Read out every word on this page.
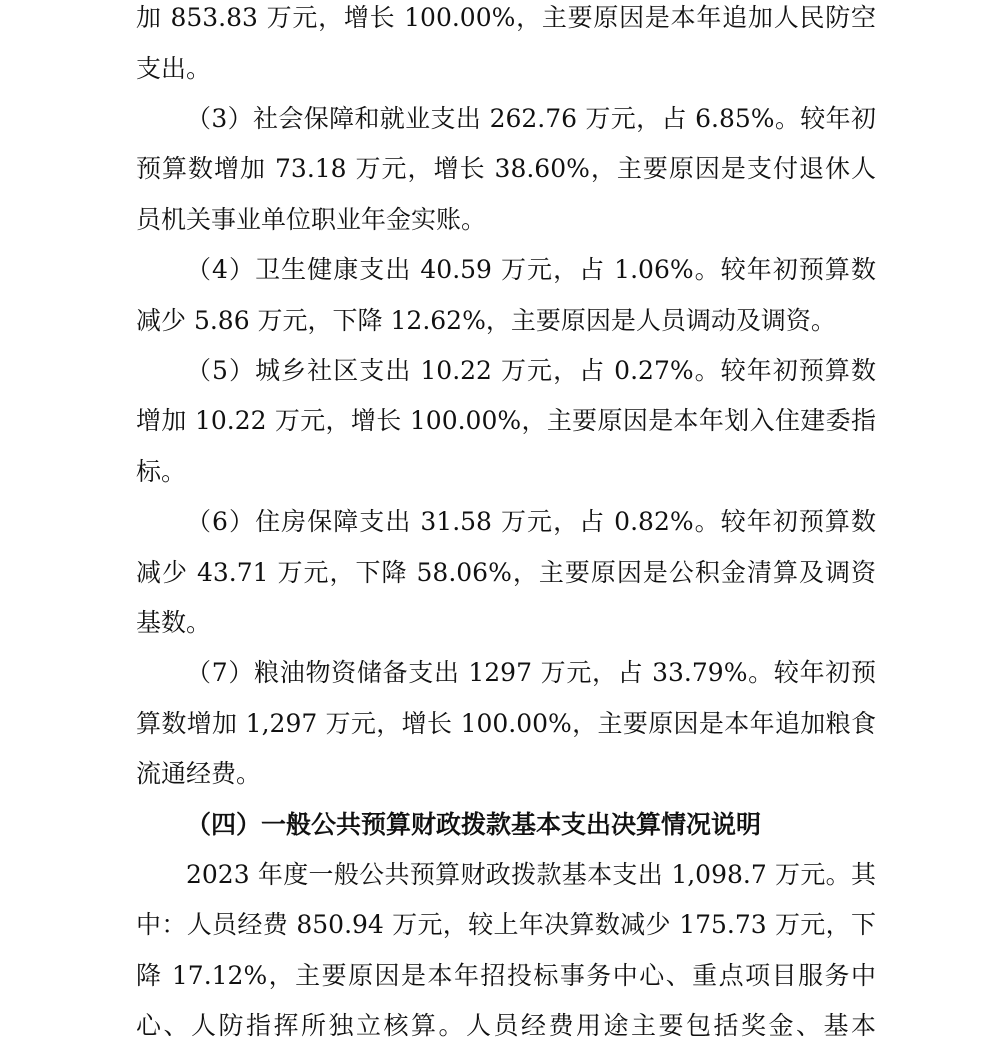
加 853.83 万元，增长 100.00%，主要原因是本年追加人民防空
支出。
（3）社会保障和就业支出 262.76 万元，占 6.85%。较年初
预算数增加 73.18 万元，增长 38.60%，主要原因是支付退休人
员机关事业单位职业年金实账。
（4）卫生健康支出 40.59 万元，占 1.06%。较年初预算数
减少 5.86 万元，下降 12.62%，主要原因是人员调动及调资。
（5）城乡社区支出 10.22 万元，占 0.27%。较年初预算数
增加 10.22 万元，增长 100.00%，主要原因是本年划入住建委指
标。
（6）住房保障支出 31.58 万元，占 0.82%。较年初预算数
减少 43.71 万元，下降 58.06%，主要原因是公积金清算及调资
基数。
（7）粮油物资储备支出 1297 万元，占 33.79%。较年初预
算数增加 1,297 万元，增长 100.00%，主要原因是本年追加粮食
流通经费。
（四）一般公共预算财政拨款基本支出决算情况说明
2023 年度一般公共预算财政拨款基本支出 1,098.7 万元。其
中：人员经费 850.94 万元，较上年决算数减少 175.73 万元，下
降 17.12%，主要原因是本年招投标事务中心、重点项目服务中
心、人防指挥所独立核算。人员经费用途主要包括奖金、基本
